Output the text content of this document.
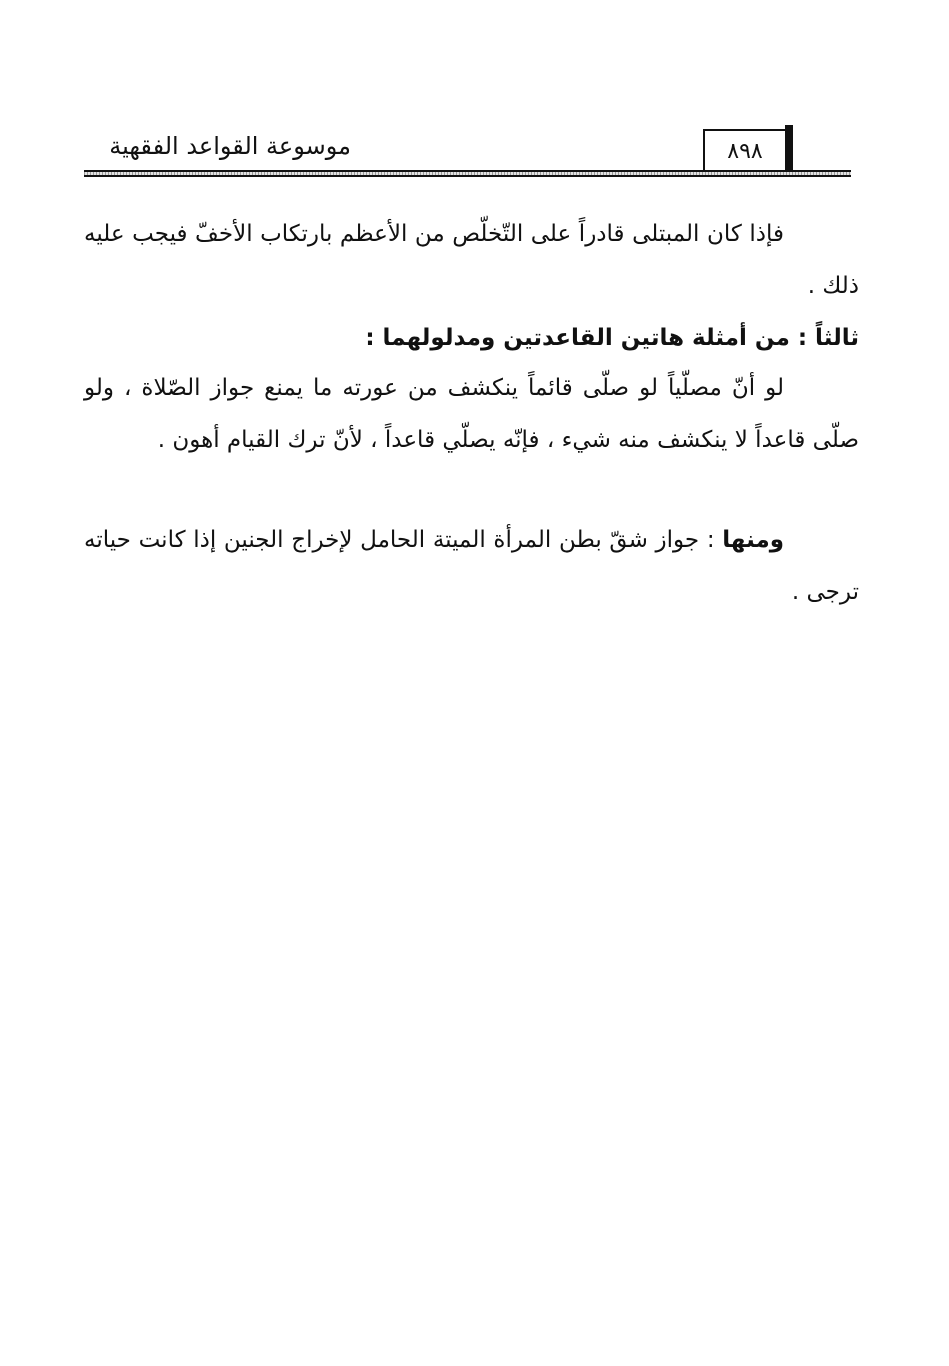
٨٩٨
موسوعة القواعد الفقهية

فإذا كان المبتلى قادراً على التّخلّص من الأعظم بارتكاب الأخفّ فيجب عليه ذلك .

ثالثاً : من أمثلة هاتين القاعدتين ومدلولهما :

لو أنّ مصلّياً لو صلّى قائماً ينكشف من عورته ما يمنع جواز الصّلاة ، ولو صلّى قاعداً لا ينكشف منه شيء ، فإنّه يصلّي قاعداً ، لأنّ ترك القيام أهون .

ومنها : جواز شقّ بطن المرأة الميتة الحامل لإخراج الجنين إذا كانت حياته ترجى .
